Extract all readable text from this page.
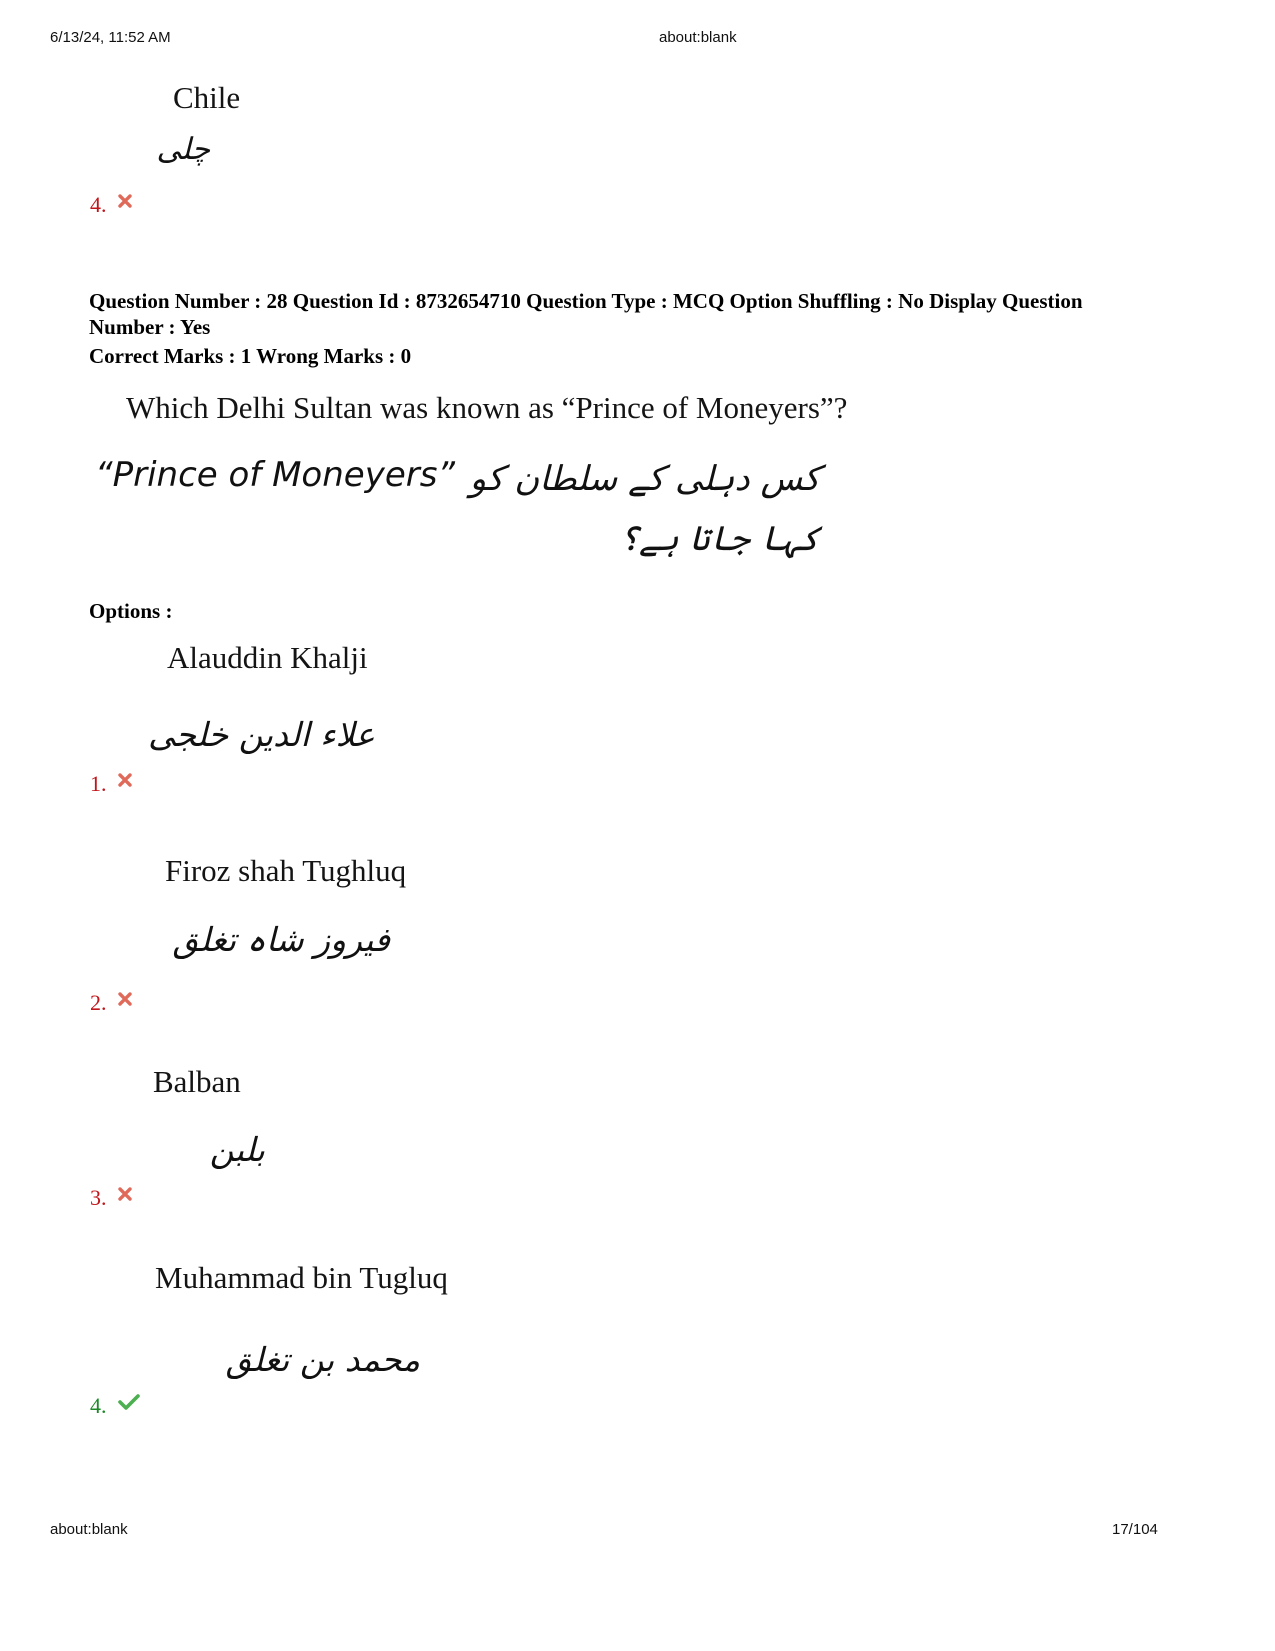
6/13/24, 11:52 AM	about:blank
Chile
چلی
4.
Question Number : 28 Question Id : 8732654710 Question Type : MCQ Option Shuffling : No Display Question
Number : Yes
Correct Marks : 1 Wrong Marks : 0
Which Delhi Sultan was known as “Prince of Moneyers”?
“Prince of Moneyers” کس دہلی کے سلطان کو
کہا جاتا ہے؟
Options :
Alauddin Khalji
علاء الدین خلجی
1.
Firoz shah Tughluq
فیروز شاہ تغلق
2.
Balban
بلبن
3.
Muhammad bin Tugluq
محمد بن تغلق
4.
about:blank	17/104
